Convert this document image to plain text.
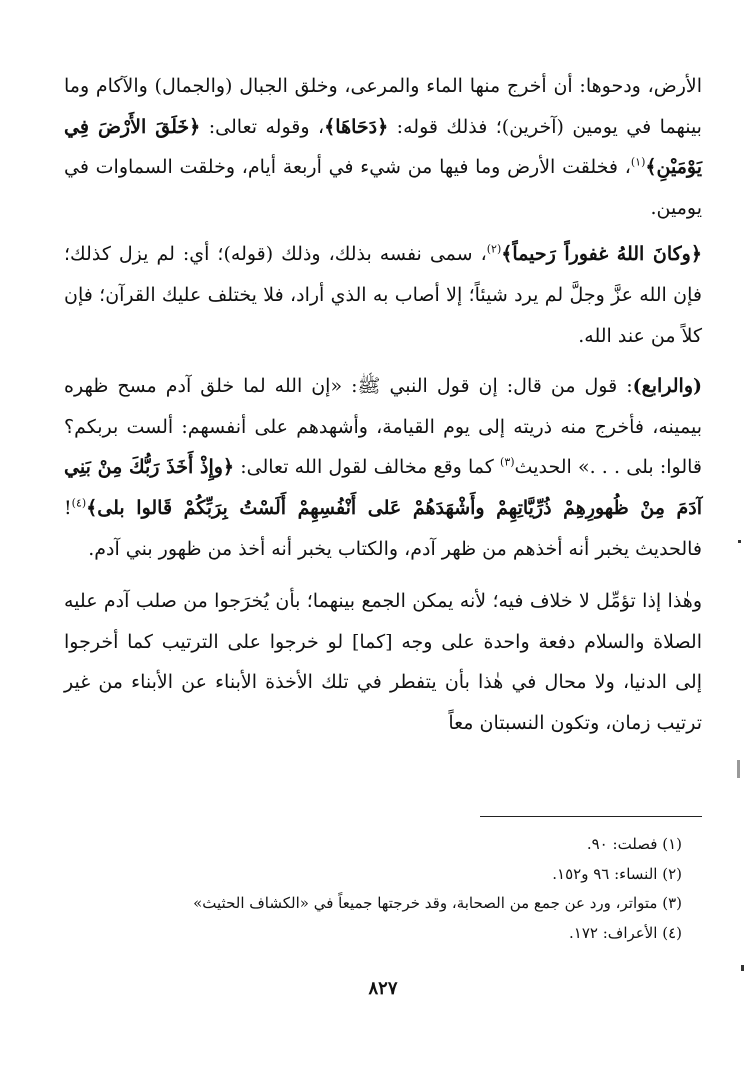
الأرض، ودحوها: أن أخرج منها الماء والمرعى، وخلق الجبال (والجمال) والآكام وما بينهما في يومين (آخرين)؛ فذلك قوله: ﴿دَحَاهَا﴾، وقوله تعالى: ﴿خَلَقَ الأَرْضَ فِي يَوْمَيْنِ﴾$^{(١)}$، فخلقت الأرض وما فيها من شيء في أربعة أيام، وخلقت السماوات في يومين.

﴿وكانَ اللهُ غفوراً رَحيماً﴾$^{(٢)}$، سمى نفسه بذلك، وذلك (قوله)؛ أي: لم يزل كذلك؛ فإن الله عزَّ وجلَّ لم يرد شيئاً؛ إلا أصاب به الذي أراد، فلا يختلف عليك القرآن؛ فإن كلاً من عند الله.

(والرابع): قول من قال: إن قول النبي ﷺ: «إن الله لما خلق آدم مسح ظهره بيمينه، فأخرج منه ذريته إلى يوم القيامة، وأشهدهم على أنفسهم: ألست بربكم؟ قالوا: بلى . . .» الحديث$^{(٣)}$ كما وقع مخالف لقول الله تعالى: ﴿وإِذْ أَخَذَ رَبُّكَ مِنْ بَنِي آدَمَ مِنْ ظُهورِهِمْ ذُرِّيَّاتِهِمْ وأَشْهَدَهُمْ عَلى أَنْفُسِهِمْ أَلَسْتُ بِرَبِّكُمْ قَالوا بلى﴾$^{(٤)}$! فالحديث يخبر أنه أخذهم من ظهر آدم، والكتاب يخبر أنه أخذ من ظهور بني آدم.

وهٰذا إذا تؤمِّل لا خلاف فيه؛ لأنه يمكن الجمع بينهما؛ بأن يُخرَجوا من صلب آدم عليه الصلاة والسلام دفعة واحدة على وجه [كما] لو خرجوا على الترتيب كما أخرجوا إلى الدنيا، ولا محال في هٰذا بأن يتفطر في تلك الأخذة الأبناء عن الأبناء من غير ترتيب زمان، وتكون النسبتان معاً

(١) فصلت: ٩٠.

(٢) النساء: ٩٦ و١٥٢.

(٣) متواتر، ورد عن جمع من الصحابة، وقد خرجتها جميعاً في «الكشاف الحثيث»

(٤) الأعراف: ١٧٢.

٨٢٧
